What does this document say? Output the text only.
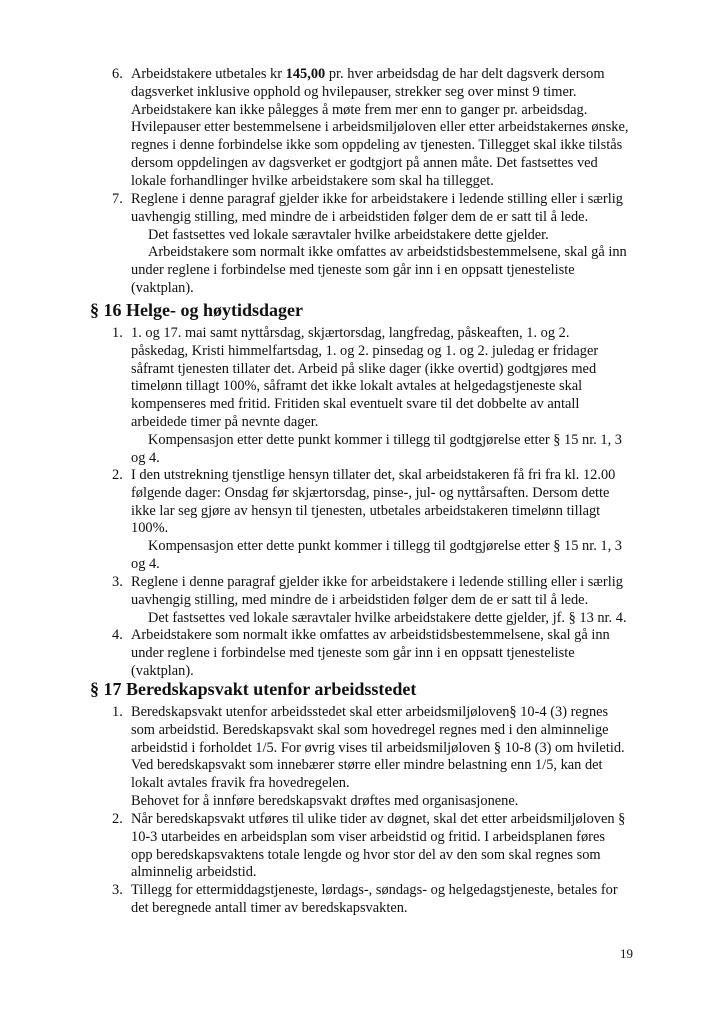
6. Arbeidstakere utbetales kr 145,00 pr. hver arbeidsdag de har delt dagsverk dersom
dagsverket inklusive opphold og hvilepauser, strekker seg over minst 9 timer.
Arbeidstakere kan ikke pålegges å møte frem mer enn to ganger pr. arbeidsdag.
Hvilepauser etter bestemmelsene i arbeidsmiljøloven eller etter arbeidstakernes ønske,
regnes i denne forbindelse ikke som oppdeling av tjenesten. Tillegget skal ikke tilstås
dersom oppdelingen av dagsverket er godtgjort på annen måte. Det fastsettes ved
lokale forhandlinger hvilke arbeidstakere som skal ha tillegget.
7. Reglene i denne paragraf gjelder ikke for arbeidstakere i ledende stilling eller i særlig
uavhengig stilling, med mindre de i arbeidstiden følger dem de er satt til å lede.
Det fastsettes ved lokale særavtaler hvilke arbeidstakere dette gjelder.
Arbeidstakere som normalt ikke omfattes av arbeidstidsbestemmelsene, skal gå inn
under reglene i forbindelse med tjeneste som går inn i en oppsatt tjenesteliste
(vaktplan).
§ 16 Helge- og høytidsdager
1. 1. og 17. mai samt nyttårsdag, skjærtorsdag, langfredag, påskeaften, 1. og 2.
påskedag, Kristi himmelfartsdag, 1. og 2. pinsedag og 1. og 2. juledag er fridager
såframt tjenesten tillater det. Arbeid på slike dager (ikke overtid) godtgjøres med
timelønn tillagt 100%, såframt det ikke lokalt avtales at helgedagstjeneste skal
kompenseres med fritid. Fritiden skal eventuelt svare til det dobbelte av antall
arbeidede timer på nevnte dager.
Kompensasjon etter dette punkt kommer i tillegg til godtgjørelse etter § 15 nr. 1, 3
og 4.
2. I den utstrekning tjenstlige hensyn tillater det, skal arbeidstakeren få fri fra kl. 12.00
følgende dager: Onsdag før skjærtorsdag, pinse-, jul- og nyttårsaften. Dersom dette
ikke lar seg gjøre av hensyn til tjenesten, utbetales arbeidstakeren timelønn tillagt
100%.
Kompensasjon etter dette punkt kommer i tillegg til godtgjørelse etter § 15 nr. 1, 3
og 4.
3. Reglene i denne paragraf gjelder ikke for arbeidstakere i ledende stilling eller i særlig
uavhengig stilling, med mindre de i arbeidstiden følger dem de er satt til å lede.
Det fastsettes ved lokale særavtaler hvilke arbeidstakere dette gjelder, jf. § 13 nr. 4.
4. Arbeidstakere som normalt ikke omfattes av arbeidstidsbestemmelsene, skal gå inn
under reglene i forbindelse med tjeneste som går inn i en oppsatt tjenesteliste
(vaktplan).
§ 17 Beredskapsvakt utenfor arbeidsstedet
1. Beredskapsvakt utenfor arbeidsstedet skal etter arbeidsmiljøloven§ 10-4 (3) regnes
som arbeidstid. Beredskapsvakt skal som hovedregel regnes med i den alminnelige
arbeidstid i forholdet 1/5. For øvrig vises til arbeidsmiljøloven § 10-8 (3) om hviletid.
Ved beredskapsvakt som innebærer større eller mindre belastning enn 1/5, kan det
lokalt avtales fravik fra hovedregelen.
Behovet for å innføre beredskapsvakt drøftes med organisasjonene.
2. Når beredskapsvakt utføres til ulike tider av døgnet, skal det etter arbeidsmiljøloven §
10-3 utarbeides en arbeidsplan som viser arbeidstid og fritid. I arbeidsplanen føres
opp beredskapsvaktens totale lengde og hvor stor del av den som skal regnes som
alminnelig arbeidstid.
3. Tillegg for ettermiddagstjeneste, lørdags-, søndags- og helgedagstjeneste, betales for
det beregnede antall timer av beredskapsvakten.
19
